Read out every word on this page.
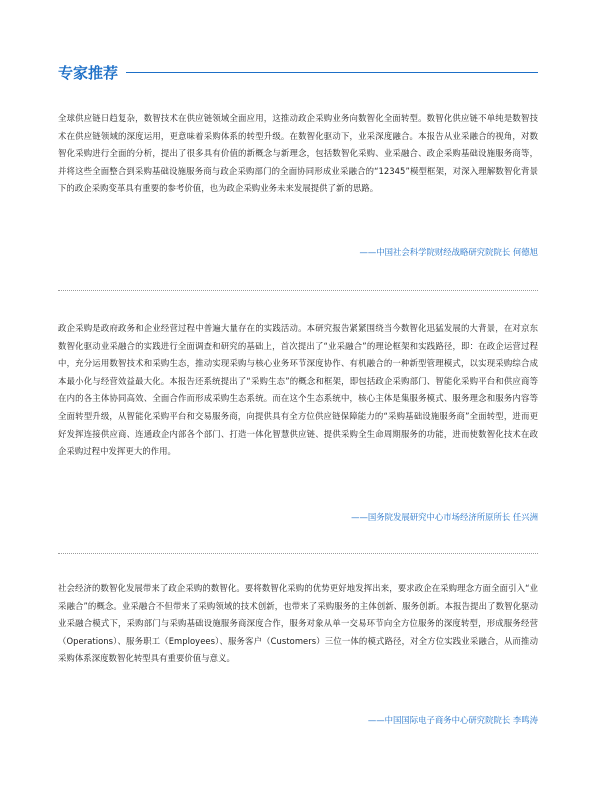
专家推荐

全球供应链日趋复杂，数智技术在供应链领域全面应用，这推动政企采购业务向数智化全面转型。数智化供应链不单纯是数智技术在供应链领域的深度运用，更意味着采购体系的转型升级。在数智化驱动下，业采深度融合。本报告从业采融合的视角，对数智化采购进行全面的分析，提出了很多具有价值的新概念与新理念，包括数智化采购、业采融合、政企采购基础设施服务商等，并将这些全面整合到采购基础设施服务商与政企采购部门的全面协同形成业采融合的“12345”模型框架，对深入理解数智化背景下的政企采购变革具有重要的参考价值，也为政企采购业务未来发展提供了新的思路。

——中国社会科学院财经战略研究院院长 何德旭

政企采购是政府政务和企业经营过程中普遍大量存在的实践活动。本研究报告紧紧围绕当今数智化迅猛发展的大背景，在对京东数智化驱动业采融合的实践进行全面调查和研究的基础上，首次提出了“业采融合”的理论框架和实践路径，即：在政企运营过程中，充分运用数智技术和采购生态，推动实现采购与核心业务环节深度协作、有机融合的一种新型管理模式，以实现采购综合成本最小化与经营效益最大化。本报告还系统提出了“采购生态”的概念和框架，即包括政企采购部门、智能化采购平台和供应商等在内的各主体协同高效、全面合作而形成采购生态系统。而在这个生态系统中，核心主体是集服务模式、服务理念和服务内容等全面转型升级，从智能化采购平台和交易服务商，向提供具有全方位供应链保障能力的“采购基础设施服务商”全面转型，进而更好发挥连接供应商、连通政企内部各个部门、打造一体化智慧供应链、提供采购全生命周期服务的功能，进而使数智化技术在政企采购过程中发挥更大的作用。

——国务院发展研究中心市场经济所原所长 任兴洲

社会经济的数智化发展带来了政企采购的数智化。要将数智化采购的优势更好地发挥出来，要求政企在采购理念方面全面引入“业采融合”的概念。业采融合不但带来了采购领域的技术创新，也带来了采购服务的主体创新、服务创新。本报告提出了数智化驱动业采融合模式下，采购部门与采购基础设施服务商深度合作，服务对象从单一交易环节向全方位服务的深度转型，形成服务经营（Operations）、服务职工（Employees）、服务客户（Customers）三位一体的模式路径，对全方位实践业采融合，从而推动采购体系深度数智化转型具有重要价值与意义。

——中国国际电子商务中心研究院院长 李鸣涛
